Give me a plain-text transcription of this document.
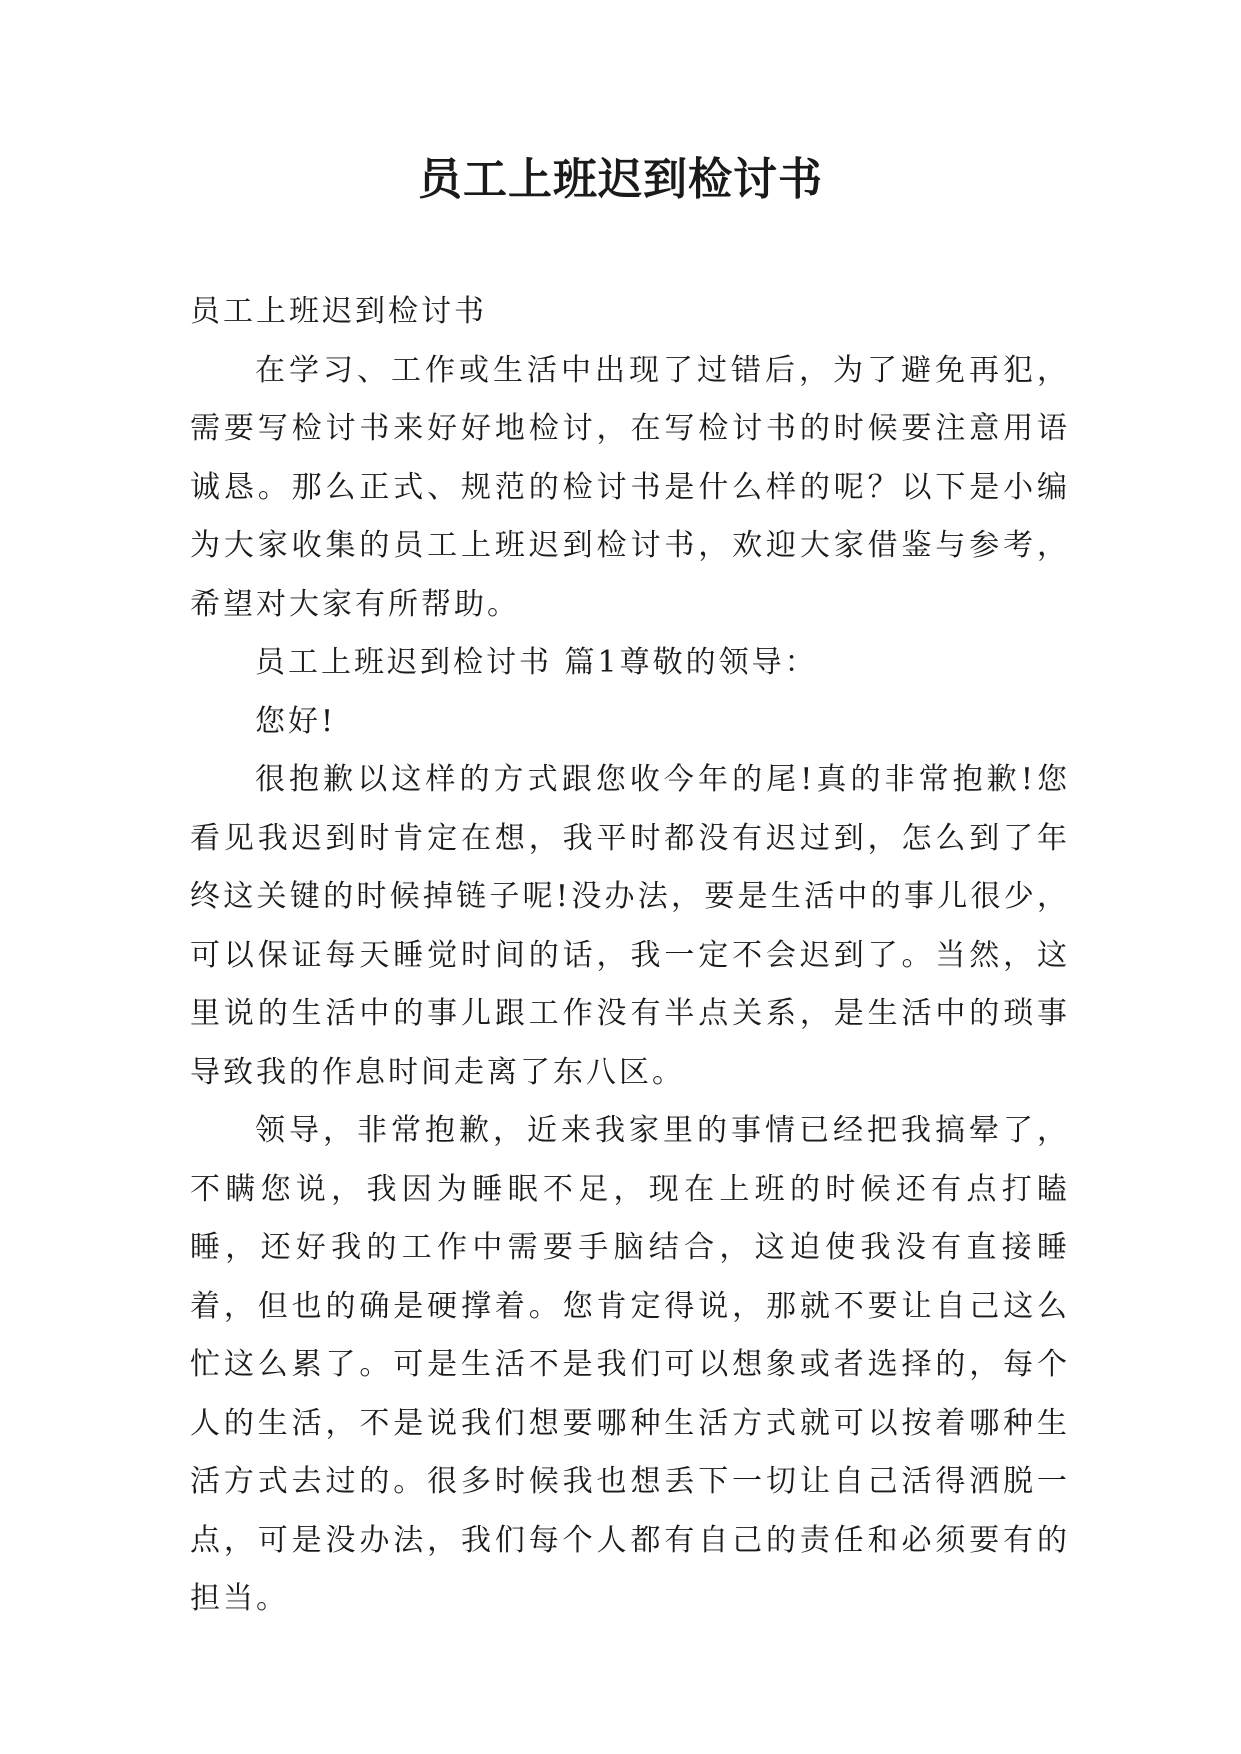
员工上班迟到检讨书

员工上班迟到检讨书

在学习、工作或生活中出现了过错后，为了避免再犯，需要写检讨书来好好地检讨，在写检讨书的时候要注意用语诚恳。那么正式、规范的检讨书是什么样的呢？以下是小编为大家收集的员工上班迟到检讨书，欢迎大家借鉴与参考，希望对大家有所帮助。

员工上班迟到检讨书 篇1尊敬的领导：

您好!

很抱歉以这样的方式跟您收今年的尾!真的非常抱歉!您看见我迟到时肯定在想，我平时都没有迟过到，怎么到了年终这关键的时候掉链子呢!没办法，要是生活中的事儿很少，可以保证每天睡觉时间的话，我一定不会迟到了。当然，这里说的生活中的事儿跟工作没有半点关系，是生活中的琐事导致我的作息时间走离了东八区。

领导，非常抱歉，近来我家里的事情已经把我搞晕了，不瞒您说，我因为睡眠不足，现在上班的时候还有点打瞌睡，还好我的工作中需要手脑结合，这迫使我没有直接睡着，但也的确是硬撑着。您肯定得说，那就不要让自己这么忙这么累了。可是生活不是我们可以想象或者选择的，每个人的生活，不是说我们想要哪种生活方式就可以按着哪种生活方式去过的。很多时候我也想丢下一切让自己活得洒脱一点，可是没办法，我们每个人都有自己的责任和必须要有的担当。
